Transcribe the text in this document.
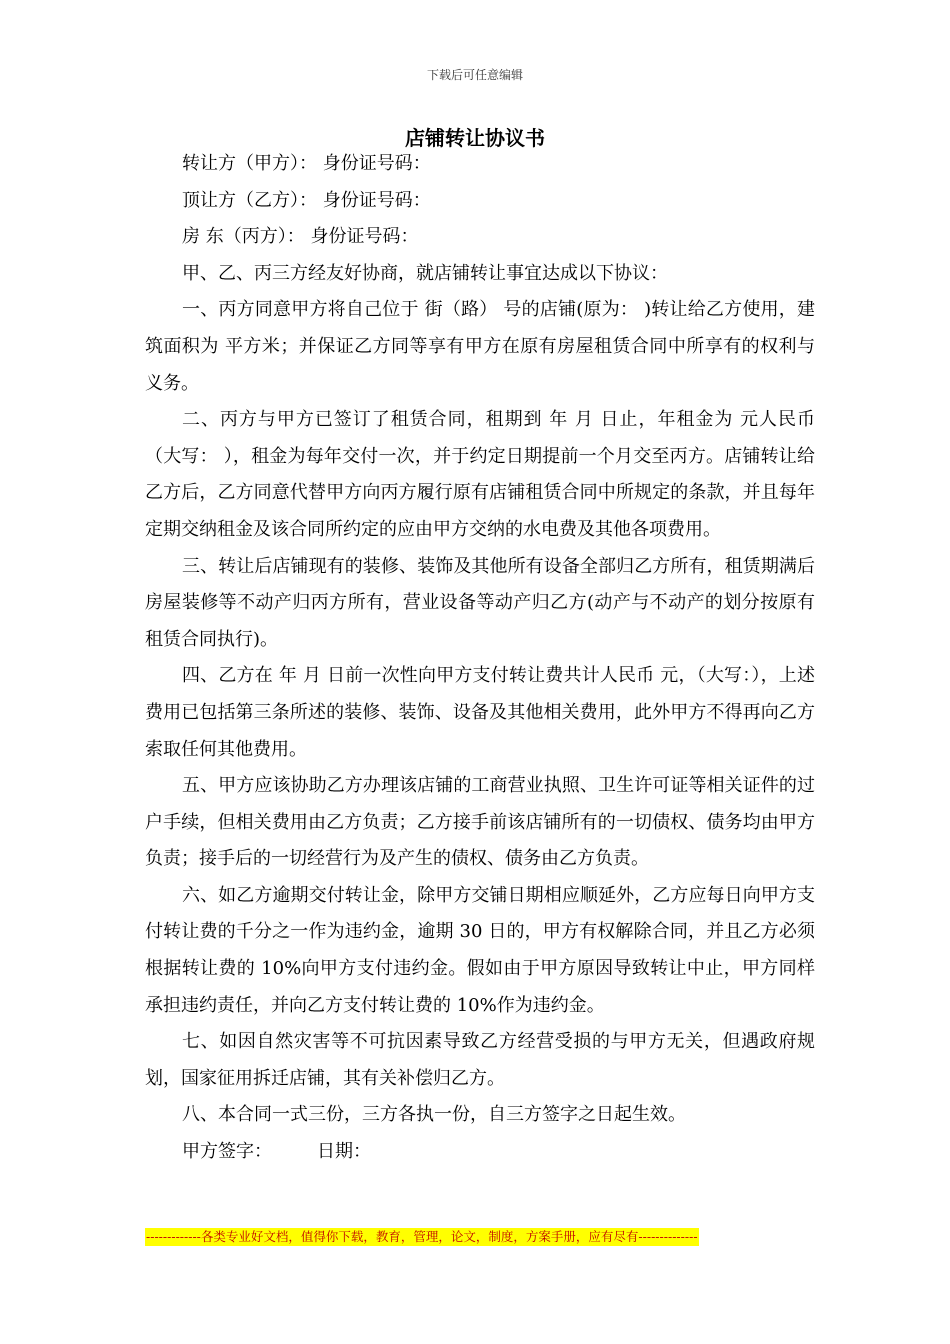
下载后可任意编辑
店铺转让协议书

转让方（甲方）： 身份证号码：

顶让方（乙方）： 身份证号码：

房 东（丙方）： 身份证号码：

甲、乙、丙三方经友好协商，就店铺转让事宜达成以下协议：

一、丙方同意甲方将自己位于 街（路） 号的店铺(原为： )转让给乙方使用，建筑面积为 平方米；并保证乙方同等享有甲方在原有房屋租赁合同中所享有的权利与义务。

二、丙方与甲方已签订了租赁合同，租期到 年 月 日止，年租金为 元人民币（大写： ），租金为每年交付一次，并于约定日期提前一个月交至丙方。店铺转让给乙方后，乙方同意代替甲方向丙方履行原有店铺租赁合同中所规定的条款，并且每年定期交纳租金及该合同所约定的应由甲方交纳的水电费及其他各项费用。

三、转让后店铺现有的装修、装饰及其他所有设备全部归乙方所有，租赁期满后房屋装修等不动产归丙方所有，营业设备等动产归乙方(动产与不动产的划分按原有租赁合同执行)。

四、乙方在 年 月 日前一次性向甲方支付转让费共计人民币 元，（大写：），上述费用已包括第三条所述的装修、装饰、设备及其他相关费用，此外甲方不得再向乙方索取任何其他费用。

五、甲方应该协助乙方办理该店铺的工商营业执照、卫生许可证等相关证件的过户手续，但相关费用由乙方负责；乙方接手前该店铺所有的一切债权、债务均由甲方负责；接手后的一切经营行为及产生的债权、债务由乙方负责。

六、如乙方逾期交付转让金，除甲方交铺日期相应顺延外，乙方应每日向甲方支付转让费的千分之一作为违约金，逾期 30 日的，甲方有权解除合同，并且乙方必须根据转让费的 10%向甲方支付违约金。假如由于甲方原因导致转让中止，甲方同样承担违约责任，并向乙方支付转让费的 10%作为违约金。

七、如因自然灾害等不可抗因素导致乙方经营受损的与甲方无关，但遇政府规划，国家征用拆迁店铺，其有关补偿归乙方。

八、本合同一式三份，三方各执一份，自三方签字之日起生效。

甲方签字：　　　日期：

-------------各类专业好文档，值得你下载，教育，管理，论文，制度，方案手册，应有尽有--------------
